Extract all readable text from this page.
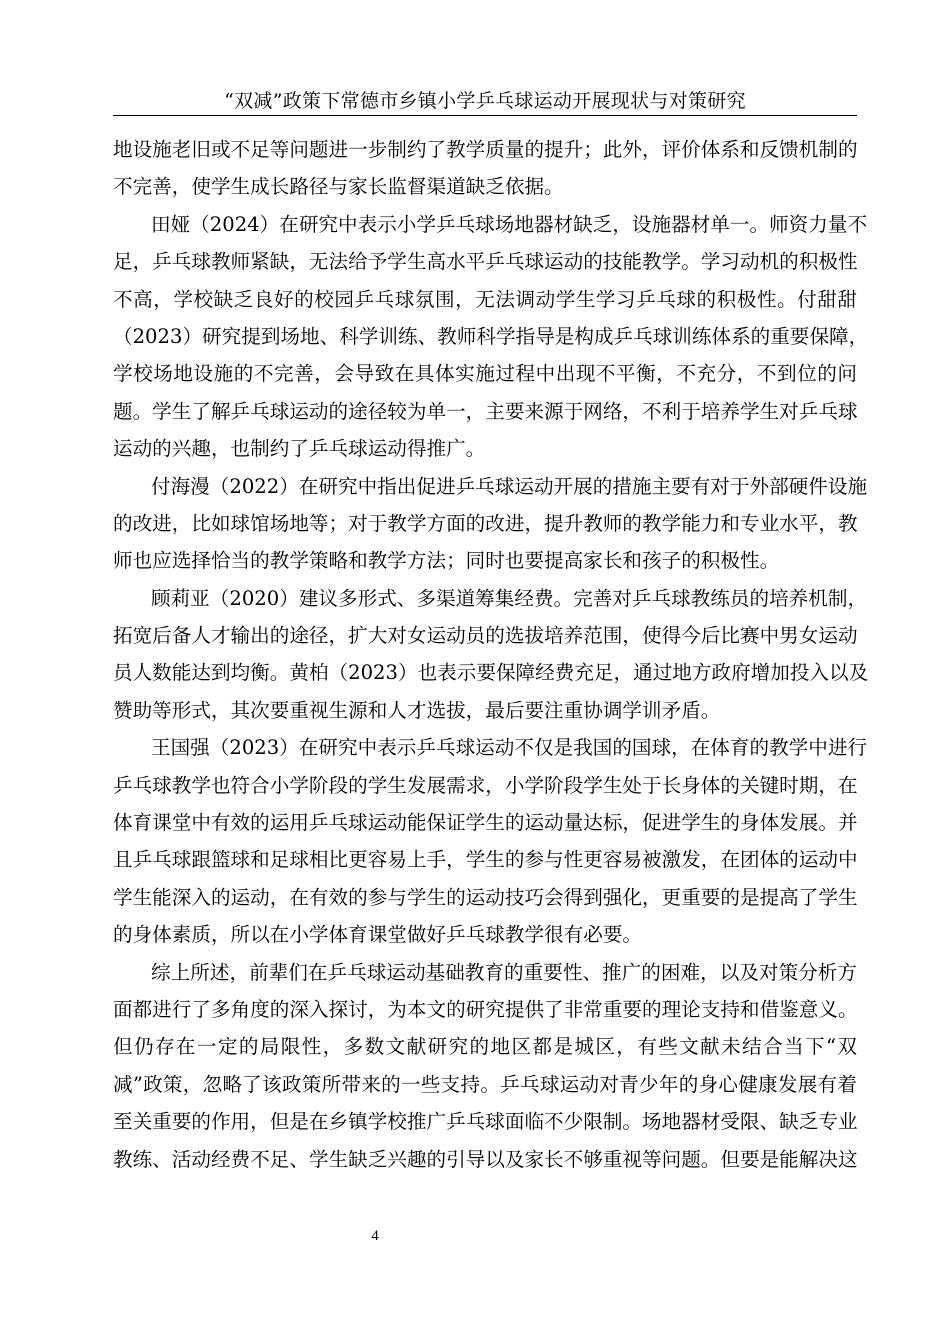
“双减”政策下常德市乡镇小学乒乓球运动开展现状与对策研究
地设施老旧或不足等问题进一步制约了教学质量的提升；此外，评价体系和反馈机制的
不完善，使学生成长路径与家长监督渠道缺乏依据。
田娅（2024）在研究中表示小学乒乓球场地器材缺乏，设施器材单一。师资力量不
足，乒乓球教师紧缺，无法给予学生高水平乒乓球运动的技能教学。学习动机的积极性
不高，学校缺乏良好的校园乒乓球氛围，无法调动学生学习乒乓球的积极性。付甜甜
（2023）研究提到场地、科学训练、教师科学指导是构成乒乓球训练体系的重要保障，
学校场地设施的不完善，会导致在具体实施过程中出现不平衡，不充分，不到位的问
题。学生了解乒乓球运动的途径较为单一，主要来源于网络，不利于培养学生对乒乓球
运动的兴趣，也制约了乒乓球运动得推广。
付海漫（2022）在研究中指出促进乒乓球运动开展的措施主要有对于外部硬件设施
的改进，比如球馆场地等；对于教学方面的改进，提升教师的教学能力和专业水平，教
师也应选择恰当的教学策略和教学方法；同时也要提高家长和孩子的积极性。
顾莉亚（2020）建议多形式、多渠道筹集经费。完善对乒乓球教练员的培养机制，
拓宽后备人才输出的途径，扩大对女运动员的选拔培养范围，使得今后比赛中男女运动
员人数能达到均衡。黄柏（2023）也表示要保障经费充足，通过地方政府增加投入以及
赞助等形式，其次要重视生源和人才选拔，最后要注重协调学训矛盾。
王国强（2023）在研究中表示乒乓球运动不仅是我国的国球，在体育的教学中进行
乒乓球教学也符合小学阶段的学生发展需求，小学阶段学生处于长身体的关键时期，在
体育课堂中有效的运用乒乓球运动能保证学生的运动量达标，促进学生的身体发展。并
且乒乓球跟篮球和足球相比更容易上手，学生的参与性更容易被激发，在团体的运动中
学生能深入的运动，在有效的参与学生的运动技巧会得到强化，更重要的是提高了学生
的身体素质，所以在小学体育课堂做好乒乓球教学很有必要。
综上所述，前辈们在乒乓球运动基础教育的重要性、推广的困难，以及对策分析方
面都进行了多角度的深入探讨，为本文的研究提供了非常重要的理论支持和借鉴意义。
但仍存在一定的局限性，多数文献研究的地区都是城区，有些文献未结合当下“双
减”政策，忽略了该政策所带来的一些支持。乒乓球运动对青少年的身心健康发展有着
至关重要的作用，但是在乡镇学校推广乒乓球面临不少限制。场地器材受限、缺乏专业
教练、活动经费不足、学生缺乏兴趣的引导以及家长不够重视等问题。但要是能解决这
4
